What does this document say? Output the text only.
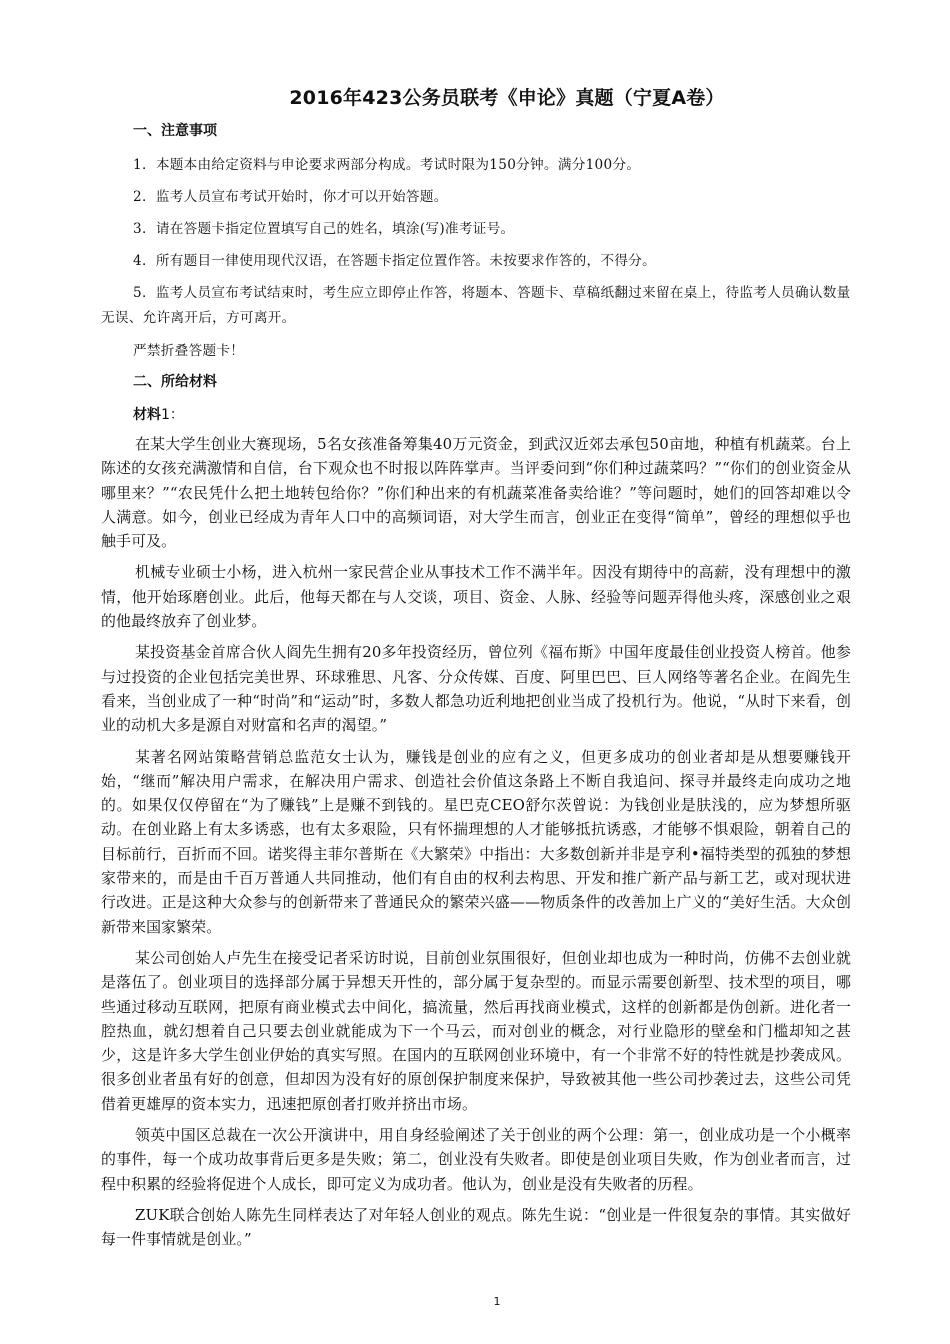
2016年423公务员联考《申论》真题（宁夏A卷）
一、注意事项

1．本题本由给定资料与申论要求两部分构成。考试时限为150分钟。满分100分。

2．监考人员宣布考试开始时，你才可以开始答题。

3．请在答题卡指定位置填写自己的姓名，填涂(写)准考证号。

4．所有题目一律使用现代汉语，在答题卡指定位置作答。未按要求作答的，不得分。

5．监考人员宣布考试结束时，考生应立即停止作答，将题本、答题卡、草稿纸翻过来留在桌上，待监考人员确认数量无误、允许离开后，方可离开。

严禁折叠答题卡！

二、所给材料
材料1：

在某大学生创业大赛现场，5名女孩准备筹集40万元资金，到武汉近郊去承包50亩地，种植有机蔬菜。台上陈述的女孩充满激情和自信，台下观众也不时报以阵阵掌声。当评委问到“你们种过蔬菜吗？”“你们的创业资金从哪里来？”“农民凭什么把土地转包给你？”你们种出来的有机蔬菜准备卖给谁？”等问题时，她们的回答却难以令人满意。如今，创业已经成为青年人口中的高频词语，对大学生而言，创业正在变得“简单”，曾经的理想似乎也触手可及。

机械专业硕士小杨，进入杭州一家民营企业从事技术工作不满半年。因没有期待中的高薪，没有理想中的激情，他开始琢磨创业。此后，他每天都在与人交谈，项目、资金、人脉、经验等问题弄得他头疼，深感创业之艰的他最终放弃了创业梦。

某投资基金首席合伙人阎先生拥有20多年投资经历，曾位列《福布斯》中国年度最佳创业投资人榜首。他参与过投资的企业包括完美世界、环球雅思、凡客、分众传媒、百度、阿里巴巴、巨人网络等著名企业。在阎先生看来，当创业成了一种“时尚”和“运动”时，多数人都急功近利地把创业当成了投机行为。他说，“从时下来看，创业的动机大多是源自对财富和名声的渴望。”

某著名网站策略营销总监范女士认为，赚钱是创业的应有之义，但更多成功的创业者却是从想要赚钱开始，“继而”解决用户需求，在解决用户需求、创造社会价值这条路上不断自我追问、探寻并最终走向成功之地的。如果仅仅停留在“为了赚钱”上是赚不到钱的。星巴克CEO舒尔茨曾说：为钱创业是肤浅的，应为梦想所驱动。在创业路上有太多诱惑，也有太多艰险，只有怀揣理想的人才能够抵抗诱惑，才能够不惧艰险，朝着自己的目标前行，百折而不回。诺奖得主菲尔普斯在《大繁荣》中指出：大多数创新并非是亨利•福特类型的孤独的梦想家带来的，而是由千百万普通人共同推动，他们有自由的权利去构思、开发和推广新产品与新工艺，或对现状进行改进。正是这种大众参与的创新带来了普通民众的繁荣兴盛——物质条件的改善加上广义的“美好生活。大众创新带来国家繁荣。

某公司创始人卢先生在接受记者采访时说，目前创业氛围很好，但创业却也成为一种时尚，仿佛不去创业就是落伍了。创业项目的选择部分属于异想天开性的，部分属于复杂型的。而显示需要创新型、技术型的项目，哪些通过移动互联网，把原有商业模式去中间化，搞流量，然后再找商业模式，这样的创新都是伪创新。进化者一腔热血，就幻想着自己只要去创业就能成为下一个马云，而对创业的概念，对行业隐形的壁垒和门槛却知之甚少，这是许多大学生创业伊始的真实写照。在国内的互联网创业环境中，有一个非常不好的特性就是抄袭成风。很多创业者虽有好的创意，但却因为没有好的原创保护制度来保护，导致被其他一些公司抄袭过去，这些公司凭借着更雄厚的资本实力，迅速把原创者打败并挤出市场。

领英中国区总裁在一次公开演讲中，用自身经验阐述了关于创业的两个公理：第一，创业成功是一个小概率的事件，每一个成功故事背后更多是失败；第二，创业没有失败者。即使是创业项目失败，作为创业者而言，过程中积累的经验将促进个人成长，即可定义为成功者。他认为，创业是没有失败者的历程。

ZUK联合创始人陈先生同样表达了对年轻人创业的观点。陈先生说：“创业是一件很复杂的事情。其实做好每一件事情就是创业。”

1
